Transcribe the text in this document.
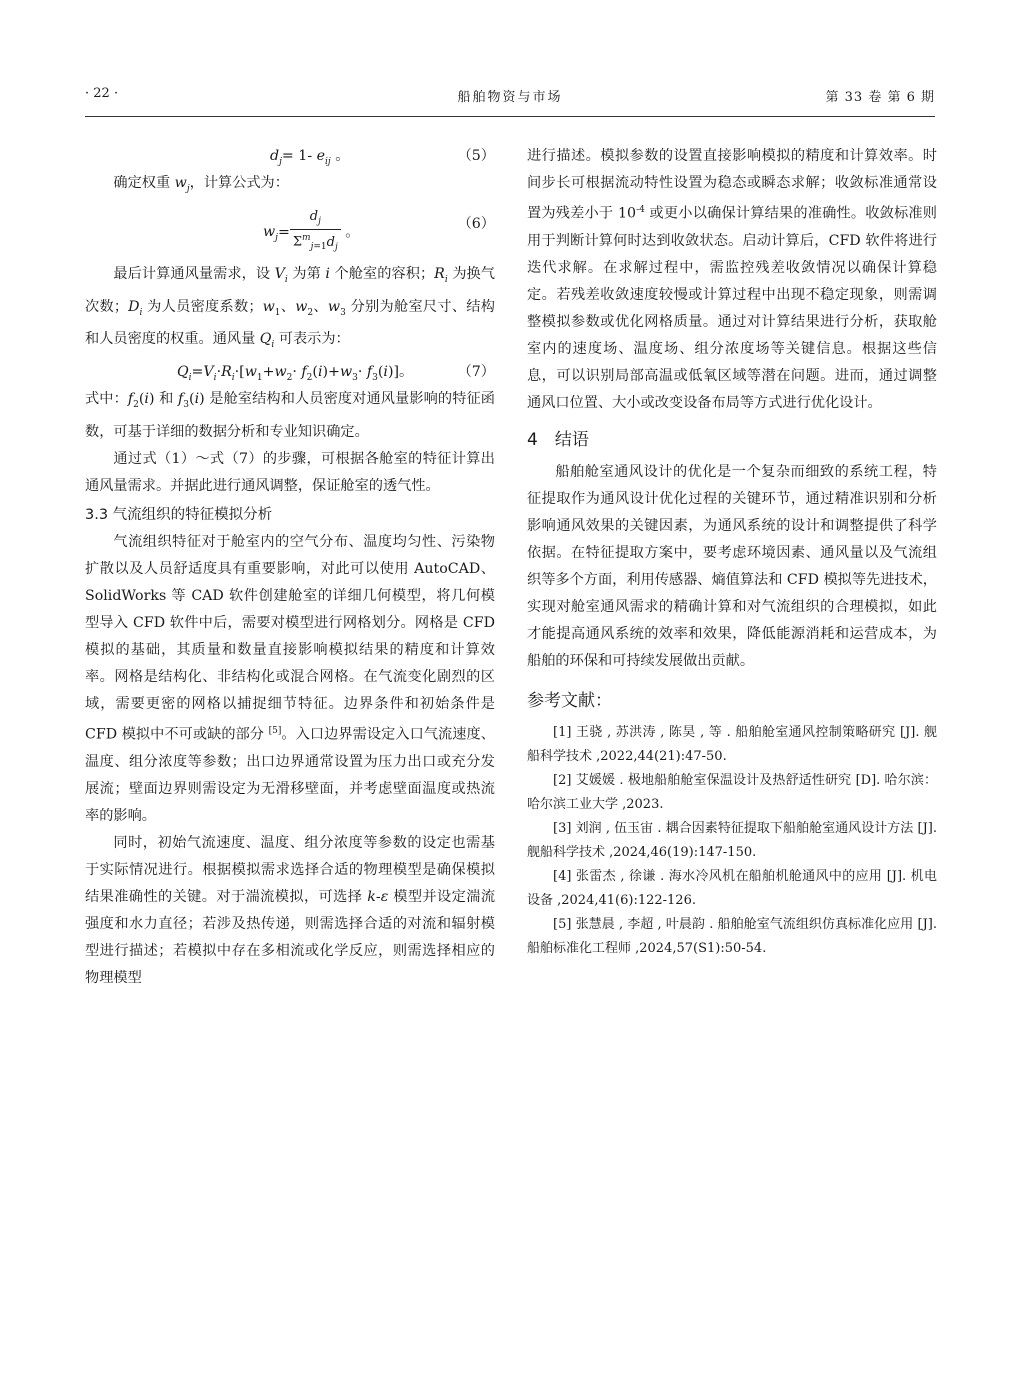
· 22 ·	船舶物资与市场	第 33 卷 第 6 期
$d_j= 1-$ $e_{ij}$ 。	（5）

确定权重 $w_j$，计算公式为：

$w_j= \frac{d_j}{\Sigma^m_{j=1}d_j}$ 。
（6）

最后计算通风量需求，设 $V_i$ 为第 i 个舱室的容积；$R_i$ 为换气次数；$D_i$ 为人员密度系数；$w_1$、$w_2$、$w_3$ 分别为舱室尺寸、结构和人员密度的权重。通风量 $Q_i$ 可表示为：

$Q_i=V_i\cdot R_i\cdot[w_1+w_2\cdot f_2(i)+w_3\cdot f_3(i)]$。	（7）

式中：$f_2(i)$ 和 $f_3(i)$ 是舱室结构和人员密度对通风量影响的特征函数，可基于详细的数据分析和专业知识确定。

通过式（1）～式（7）的步骤，可根据各舱室的特征计算出通风量需求。并据此进行通风调整，保证舱室的透气性。

3.3 气流组织的特征模拟分析

气流组织特征对于舱室内的空气分布、温度均匀性、污染物扩散以及人员舒适度具有重要影响，对此可以使用 AutoCAD、SolidWorks 等 CAD 软件创建舱室的详细几何模型，将几何模型导入 CFD 软件中后，需要对模型进行网格划分。网格是 CFD 模拟的基础，其质量和数量直接影响模拟结果的精度和计算效率。网格是结构化、非结构化或混合网格。在气流变化剧烈的区域，需要更密的网格以捕捉细节特征。边界条件和初始条件是 CFD 模拟中不可或缺的部分 [5]。入口边界需设定入口气流速度、温度、组分浓度等参数；出口边界通常设置为压力出口或充分发展流；壁面边界则需设定为无滑移壁面，并考虑壁面温度或热流率的影响。

同时，初始气流速度、温度、组分浓度等参数的设定也需基于实际情况进行。根据模拟需求选择合适的物理模型是确保模拟结果准确性的关键。对于湍流模拟，可选择 k-ε 模型并设定湍流强度和水力直径；若涉及热传递，则需选择合适的对流和辐射模型进行描述；若模拟中存在多相流或化学反应，则需选择相应的物理模型

进行描述。模拟参数的设置直接影响模拟的精度和计算效率。时间步长可根据流动特性设置为稳态或瞬态求解；收敛标准通常设置为残差小于 $10^{-4}$ 或更小以确保计算结果的准确性。收敛标准则用于判断计算何时达到收敛状态。启动计算后，CFD 软件将进行迭代求解。在求解过程中，需监控残差收敛情况以确保计算稳定。若残差收敛速度较慢或计算过程中出现不稳定现象，则需调整模拟参数或优化网格质量。通过对计算结果进行分析，获取舱室内的速度场、温度场、组分浓度场等关键信息。根据这些信息，可以识别局部高温或低氧区域等潜在问题。进而，通过调整通风口位置、大小或改变设备布局等方式进行优化设计。

4　结语

船舶舱室通风设计的优化是一个复杂而细致的系统工程，特征提取作为通风设计优化过程的关键环节，通过精准识别和分析影响通风效果的关键因素，为通风系统的设计和调整提供了科学依据。在特征提取方案中，要考虑环境因素、通风量以及气流组织等多个方面，利用传感器、熵值算法和 CFD 模拟等先进技术，实现对舱室通风需求的精确计算和对气流组织的合理模拟，如此才能提高通风系统的效率和效果，降低能源消耗和运营成本，为船舶的环保和可持续发展做出贡献。

参考文献：

[1] 王骁 , 苏洪涛 , 陈昊 , 等 . 船舶舱室通风控制策略研究 [J]. 舰船科学技术 ,2022,44(21):47-50.

[2] 艾媛媛 . 极地船舶舱室保温设计及热舒适性研究 [D]. 哈尔滨：哈尔滨工业大学 ,2023.

[3] 刘润 , 伍玉宙 . 耦合因素特征提取下船舶舱室通风设计方法 [J]. 舰船科学技术 ,2024,46(19):147-150.

[4] 张雷杰 , 徐谦 . 海水冷风机在船舶机舱通风中的应用 [J]. 机电设备 ,2024,41(6):122-126.

[5] 张慧晨 , 李超 , 叶晨韵 . 船舶舱室气流组织仿真标准化应用 [J]. 船舶标准化工程师 ,2024,57(S1):50-54.
